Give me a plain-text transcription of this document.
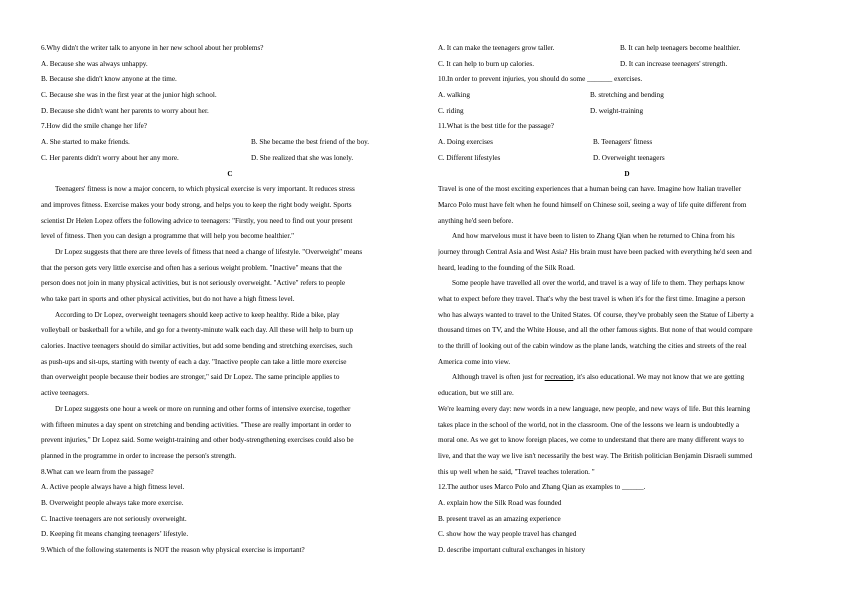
6.Why didn't the writer talk to anyone in her new school about her problems?
A. Because she was always unhappy.
B. Because she didn't know anyone at the time.
C. Because she was in the first year at the junior high school.
D. Because she didn't want her parents to worry about her.
7.How did the smile change her life?
A. She started to make friends.	B. She became the best friend of the boy.
C. Her parents didn't worry about her any more.	D. She realized that she was lonely.
C
Teenagers' fitness is now a major concern, to which physical exercise is very important. It reduces stress
and improves fitness. Exercise makes your body strong, and helps you to keep the right body weight. Sports
scientist Dr Helen Lopez offers the following advice to teenagers: "Firstly, you need to find out your present
level of fitness. Then you can design a programme that will help you become healthier."
Dr Lopez suggests that there are three levels of fitness that need a change of lifestyle. "Overweight" means
that the person gets very little exercise and often has a serious weight problem. "Inactive" means that the
person does not join in many physical activities, but is not seriously overweight. "Active" refers to people
who take part in sports and other physical activities, but do not have a high fitness level.
According to Dr Lopez, overweight teenagers should keep active to keep healthy. Ride a bike, play
volleyball or basketball for a while, and go for a twenty-minute walk each day. All these will help to burn up
calories. Inactive teenagers should do similar activities, but add some bending and stretching exercises, such
as push-ups and sit-ups, starting with twenty of each a day. "Inactive people can take a little more exercise
than overweight people because their bodies are stronger," said Dr Lopez. The same principle applies to
active teenagers.
Dr Lopez suggests one hour a week or more on running and other forms of intensive exercise, together
with fifteen minutes a day spent on stretching and bending activities. "These are really important in order to
prevent injuries," Dr Lopez said. Some weight-training and other body-strengthening exercises could also be
planned in the programme in order to increase the person's strength.
8.What can we learn from the passage?
A. Active people always have a high fitness level.
B. Overweight people always take more exercise.
C. Inactive teenagers are not seriously overweight.
D. Keeping fit means changing teenagers’ lifestyle.
9.Which of the following statements is NOT the reason why physical exercise is important?
A. It can make the teenagers grow taller.	B. It can help teenagers become healthier.
C. It can help to burn up calories.	D. It can increase teenagers' strength.
10.In order to prevent injuries, you should do some _______ exercises.
A. walking	B. stretching and bending
C. riding	D. weight-training
11.What is the best title for the passage?
A. Doing exercises	B. Teenagers' fitness
C. Different lifestyles	D. Overweight teenagers
D
Travel is one of the most exciting experiences that a human being can have. Imagine how Italian traveller
Marco Polo must have felt when he found himself on Chinese soil, seeing a way of life quite different from
anything he'd seen before.
And how marvelous must it have been to listen to Zhang Qian when he returned to China from his
journey through Central Asia and West Asia? His brain must have been packed with everything he'd seen and
heard, leading to the founding of the Silk Road.
Some people have travelled all over the world, and travel is a way of life to them. They perhaps know
what to expect before they travel. That's why the best travel is when it's for the first time. Imagine a person
who has always wanted to travel to the United States. Of course, they've probably seen the Statue of Liberty a
thousand times on TV, and the White House, and all the other famous sights. But none of that would compare
to the thrill of looking out of the cabin window as the plane lands, watching the cities and streets of the real
America come into view.
Although travel is often just for recreation, it's also educational. We may not know that we are getting
education, but we still are.
We're learning every day: new words in a new language, new people, and new ways of life. But this learning
takes place in the school of the world, not in the classroom. One of the lessons we learn is undoubtedly a
moral one. As we get to know foreign places, we come to understand that there are many different ways to
live, and that the way we live isn't necessarily the best way. The British politician Benjamin Disraeli summed
this up well when he said, "Travel teaches toleration. "
12.The author uses Marco Polo and Zhang Qian as examples to ______.
A. explain how the Silk Road was founded
B. present travel as an amazing experience
C. show how the way people travel has changed
D. describe important cultural exchanges in history
